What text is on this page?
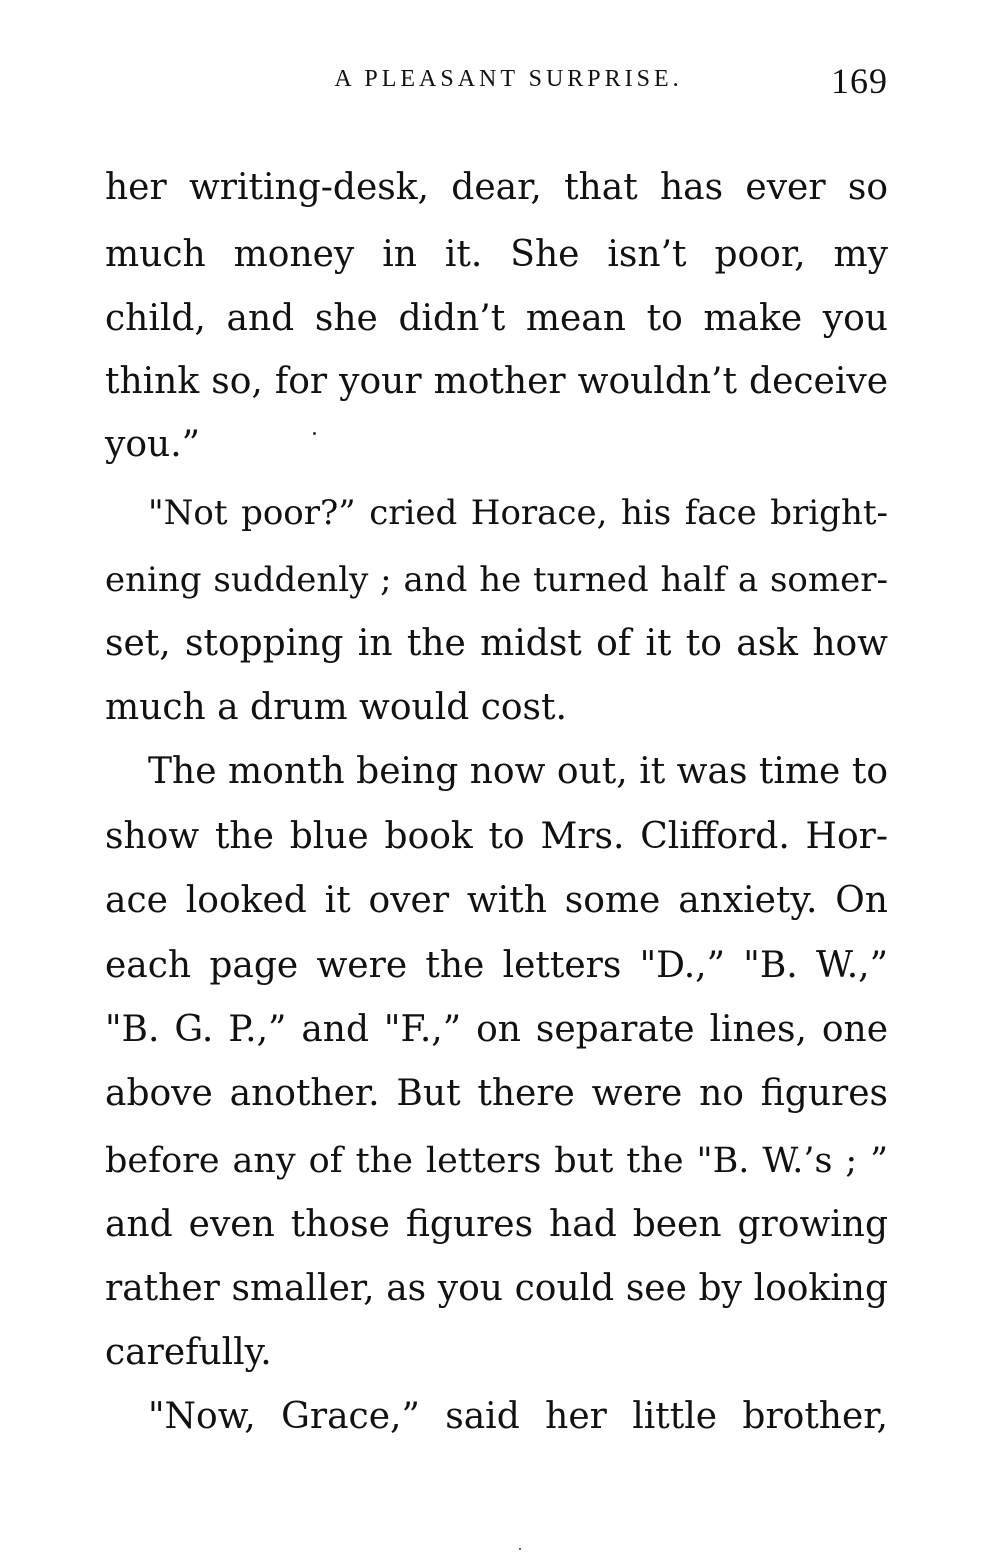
A PLEASANT SURPRISE.	169
her writing-desk, dear, that has ever so
much money in it. She isn’t poor, my
child, and she didn’t mean to make you
think so, for your mother wouldn’t deceive
you.”
"Not poor?” cried Horace, his face bright-
ening suddenly ; and he turned half a somer-
set, stopping in the midst of it to ask how
much a drum would cost.
The month being now out, it was time to
show the blue book to Mrs. Clifford. Hor-
ace looked it over with some anxiety. On
each page were the letters "D.,” "B. W.,”
"B. G. P.,” and "F.,” on separate lines, one
above another. But there were no figures
before any of the letters but the "B. W.’s ; ”
and even those figures had been growing
rather smaller, as you could see by looking
carefully.
"Now, Grace,” said her little brother,
